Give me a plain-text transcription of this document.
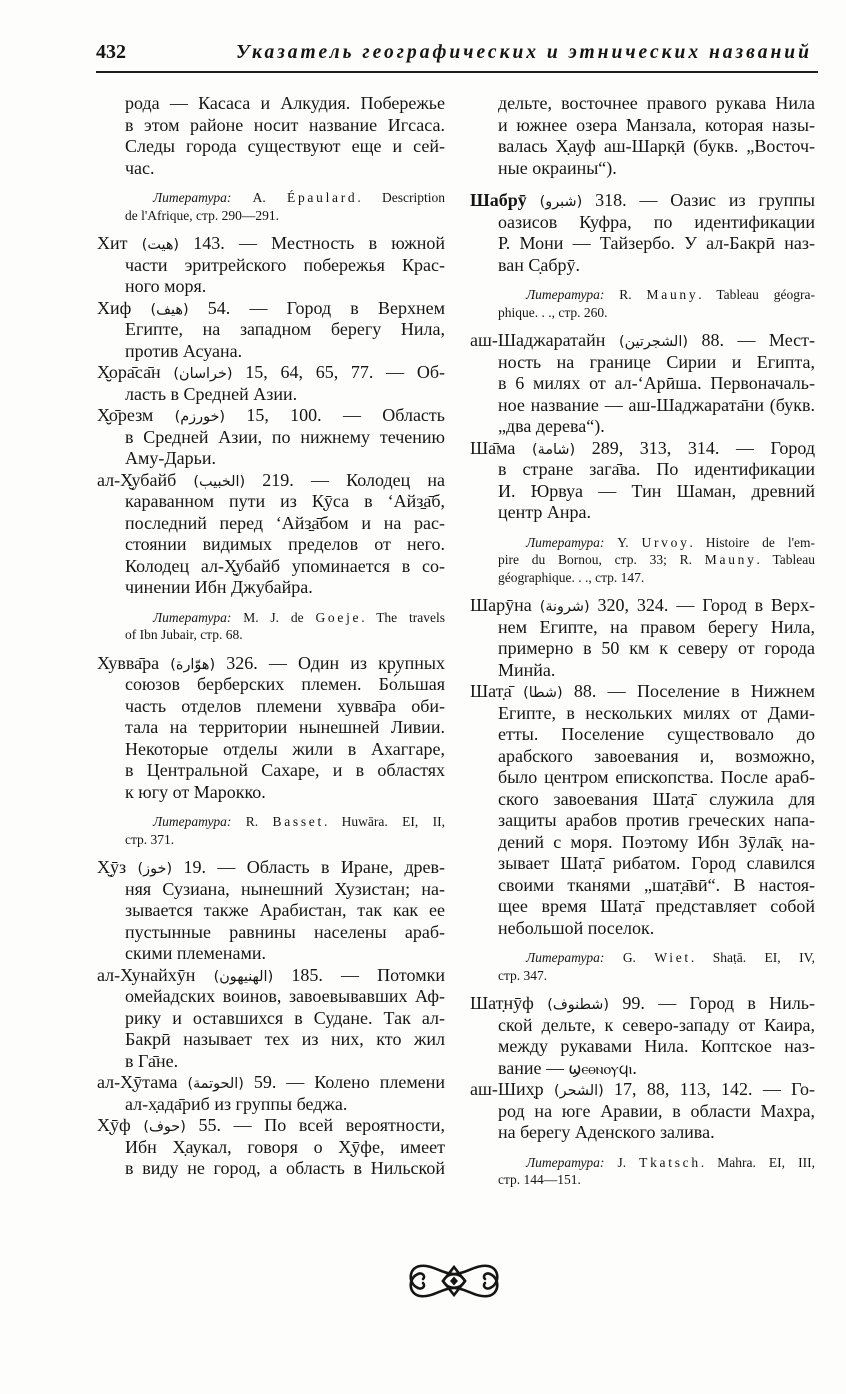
432	Указатель географических и этнических названий
рода — Касаса и Алкудия. Побережье
в этом районе носит название Игсаса.
Следы города существуют еще и сей-
час.
Литература: A. Épaulard. Description
de l'Afrique, стр. 290—291.
Хит (هيت) 143. — Местность в южной
части эритрейского побережья Крас-
ного моря.
Хиф (هيف) 54. — Город в Верхнем
Египте, на западном берегу Нила,
против Асуана.
Х̮ора̄са̄н (خراسان) 15, 64, 65, 77. — Об-
ласть в Средней Азии.
Х̮о̄резм (خورزم) 15, 100. — Область
в Средней Азии, по нижнему течению
Аму-Дарьи.
ал-Х̮убайб (الخبيب) 219. — Колодец на
караванном пути из К̣ӯса в ‘Айз̱а̄б,
последний перед ‘Айз̱а̄бом и на рас-
стоянии видимых пределов от него.
Колодец ал-Х̮убайб упоминается в со-
чинении Ибн Джубайра.
Литература: M. J. de Goeje. The travels
of Ibn Jubair, стр. 68.
Хувва̄ра (هوّارة) 326. — Один из крупных
союзов берберских племен. Бо́льшая
часть отделов племени хувва̄ра оби-
тала на территории нынешней Ливии.
Некоторые отделы жили в Ахаггаре,
в Центральной Сахаре, и в областях
к югу от Марокко.
Литература: R. Basset. Huwāra. EI, II,
стр. 371.
Х̮ӯз (خوز) 19. — Область в Иране, древ-
няя Сузиана, нынешний Хузистан; на-
зывается также Арабистан, так как ее
пустынные равнины населены араб-
скими племенами.
ал-Хунайхӯн (الهنيهون) 185. — Потомки
омейадских воинов, завоевывавших Аф-
рику и оставшихся в Судане. Так ал-
Бакрӣ называет тех из них, кто жил
в Га̄не.
ал-Х̣ӯтама (الحوتمة) 59. — Колено племени
ал-х̣ада̄риб из группы беджа.
Х̣ӯф (حوف) 55. — По всей вероятности,
Ибн Х̣аукал, говоря о Х̣ӯфе, имеет
в виду не город, а область в Нильской
дельте, восточнее правого рукава Нила
и южнее озера Манзала, которая назы-
валась Х̣ауф аш-Шарк̣ӣ (букв. „Восточ-
ные окраины“).
Шабрӯ (شبرو) 318. — Оазис из группы
оазисов Куфра, по идентификации
Р. Мони — Тайзербо. У ал-Бакрӣ наз-
ван С̣абрӯ.
Литература: R. Mauny. Tableau géogra-
phique. . ., стр. 260.
аш-Шаджаратайн (الشجرتين) 88. — Мест-
ность на границе Сирии и Египта,
в 6 милях от ал-‘Арӣша. Первоначаль-
ное название — аш-Шаджарата̄ни (букв.
„два дерева“).
Ша̄ма (شامة) 289, 313, 314. — Город
в стране зага̄ва. По идентификации
И. Юрвуа — Тин Шаман, древний
центр Анра.
Литература: Y. Urvoy. Histoire de l'em-
pire du Bornou, стр. 33; R. Mauny. Tableau
géographique. . ., стр. 147.
Шарӯна (شرونة) 320, 324. — Город в Верх-
нем Египте, на правом берегу Нила,
примерно в 50 км к северу от города
Минйа.
Шат̣а̄ (شطا) 88. — Поселение в Нижнем
Египте, в нескольких милях от Дами-
етты. Поселение существовало до
арабского завоевания и, возможно,
было центром епископства. После араб-
ского завоевания Шат̣а̄ служила для
защиты арабов против греческих напа-
дений с моря. Поэтому Ибн Зӯла̄к̣ на-
зывает Шат̣а̄ рибатом. Город славился
своими тканями „шат̣а̄вӣ“. В настоя-
щее время Шат̣а̄ представляет собой
небольшой поселок.
Литература: G. Wiet. Shaṭā. EI, IV,
стр. 347.
Шат̣нӯф (شطنوف) 99. — Город в Ниль-
ской дельте, к северо-западу от Каира,
между рукавами Нила. Коптское наз-
вание — ϣⲉⲑⲛⲟⲩϥⲓ.
аш-Ших̣р (الشحر) 17, 88, 113, 142. — Го-
род на юге Аравии, в области Махра,
на берегу Аденского залива.
Литература: J. Tkatsch. Mahra. EI, III,
стр. 144—151.
